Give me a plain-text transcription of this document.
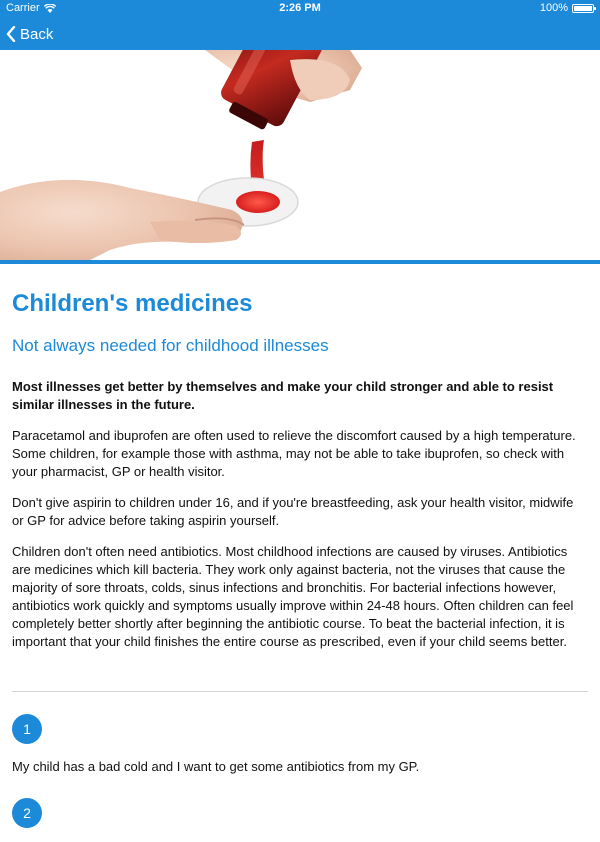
Carrier	2:26 PM	100%
Back
Children's medicines
Not always needed for childhood illnesses

Most illnesses get better by themselves and make your child stronger and able to resist similar illnesses in the future.

Paracetamol and ibuprofen are often used to relieve the discomfort caused by a high temperature. Some children, for example those with asthma, may not be able to take ibuprofen, so check with your pharmacist, GP or health visitor.

Don't give aspirin to children under 16, and if you're breastfeeding, ask your health visitor, midwife or GP for advice before taking aspirin yourself.

Children don't often need antibiotics. Most childhood infections are caused by viruses. Antibiotics are medicines which kill bacteria. They work only against bacteria, not the viruses that cause the majority of sore throats, colds, sinus infections and bronchitis. For bacterial infections however, antibiotics work quickly and symptoms usually improve within 24-48 hours. Often children can feel completely better shortly after beginning the antibiotic course. To beat the bacterial infection, it is important that your child finishes the entire course as prescribed, even if your child seems better.

1

My child has a bad cold and I want to get some antibiotics from my GP.

2
